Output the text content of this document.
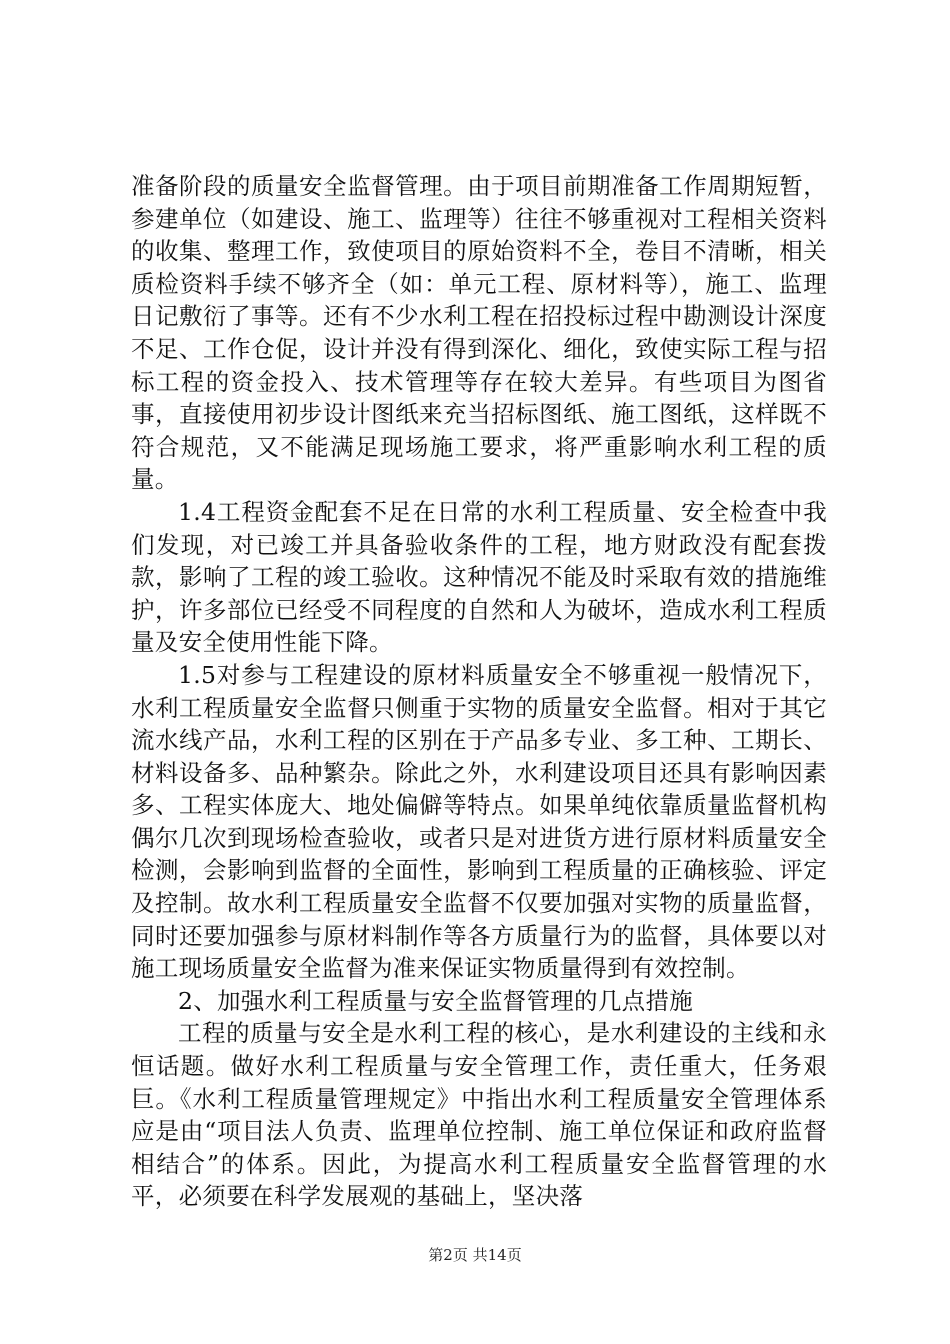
准备阶段的质量安全监督管理。由于项目前期准备工作周期短暂，参建单位（如建设、施工、监理等）往往不够重视对工程相关资料的收集、整理工作，致使项目的原始资料不全，卷目不清晰，相关质检资料手续不够齐全（如：单元工程、原材料等），施工、监理日记敷衍了事等。还有不少水利工程在招投标过程中勘测设计深度不足、工作仓促，设计并没有得到深化、细化，致使实际工程与招标工程的资金投入、技术管理等存在较大差异。有些项目为图省事，直接使用初步设计图纸来充当招标图纸、施工图纸，这样既不符合规范，又不能满足现场施工要求，将严重影响水利工程的质量。

1.4工程资金配套不足在日常的水利工程质量、安全检查中我们发现，对已竣工并具备验收条件的工程，地方财政没有配套拨款，影响了工程的竣工验收。这种情况不能及时采取有效的措施维护，许多部位已经受不同程度的自然和人为破坏，造成水利工程质量及安全使用性能下降。

1.5对参与工程建设的原材料质量安全不够重视一般情况下，水利工程质量安全监督只侧重于实物的质量安全监督。相对于其它流水线产品，水利工程的区别在于产品多专业、多工种、工期长、材料设备多、品种繁杂。除此之外，水利建设项目还具有影响因素多、工程实体庞大、地处偏僻等特点。如果单纯依靠质量监督机构偶尔几次到现场检查验收，或者只是对进货方进行原材料质量安全检测，会影响到监督的全面性，影响到工程质量的正确核验、评定及控制。故水利工程质量安全监督不仅要加强对实物的质量监督，同时还要加强参与原材料制作等各方质量行为的监督，具体要以对施工现场质量安全监督为准来保证实物质量得到有效控制。

2、加强水利工程质量与安全监督管理的几点措施

工程的质量与安全是水利工程的核心，是水利建设的主线和永恒话题。做好水利工程质量与安全管理工作，责任重大，任务艰巨。《水利工程质量管理规定》中指出水利工程质量安全管理体系应是由“项目法人负责、监理单位控制、施工单位保证和政府监督相结合”的体系。因此，为提高水利工程质量安全监督管理的水平，必须要在科学发展观的基础上，坚决落

第2页 共14页
